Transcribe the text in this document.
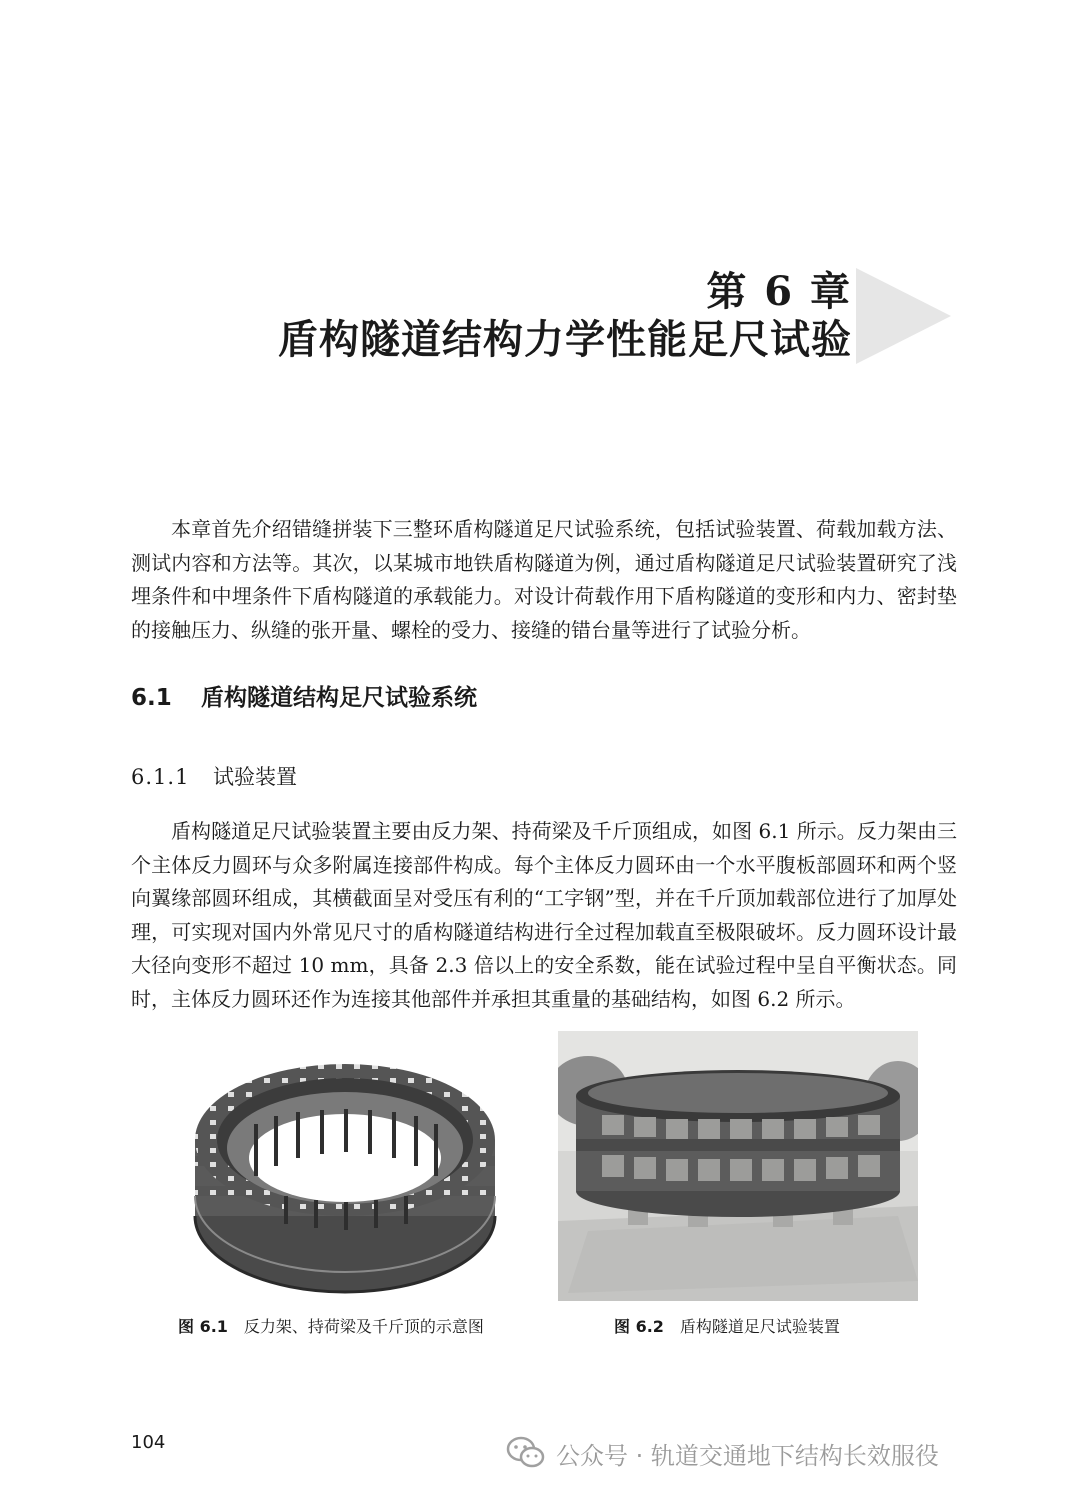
第 6 章
盾构隧道结构力学性能足尺试验

本章首先介绍错缝拼装下三整环盾构隧道足尺试验系统，包括试验装置、荷载加载方法、测试内容和方法等。其次，以某城市地铁盾构隧道为例，通过盾构隧道足尺试验装置研究了浅埋条件和中埋条件下盾构隧道的承载能力。对设计荷载作用下盾构隧道的变形和内力、密封垫的接触压力、纵缝的张开量、螺栓的受力、接缝的错台量等进行了试验分析。

6.1 盾构隧道结构足尺试验系统
6.1.1 试验装置

盾构隧道足尺试验装置主要由反力架、持荷梁及千斤顶组成，如图 6.1 所示。反力架由三个主体反力圆环与众多附属连接部件构成。每个主体反力圆环由一个水平腹板部圆环和两个竖向翼缘部圆环组成，其横截面呈对受压有利的“工字钢”型，并在千斤顶加载部位进行了加厚处理，可实现对国内外常见尺寸的盾构隧道结构进行全过程加载直至极限破坏。反力圆环设计最大径向变形不超过 10 mm，具备 2.3 倍以上的安全系数，能在试验过程中呈自平衡状态。同时，主体反力圆环还作为连接其他部件并承担其重量的基础结构，如图 6.2 所示。

图 6.1 反力架、持荷梁及千斤顶的示意图	图 6.2 盾构隧道足尺试验装置
104	公众号 · 轨道交通地下结构长效服役
